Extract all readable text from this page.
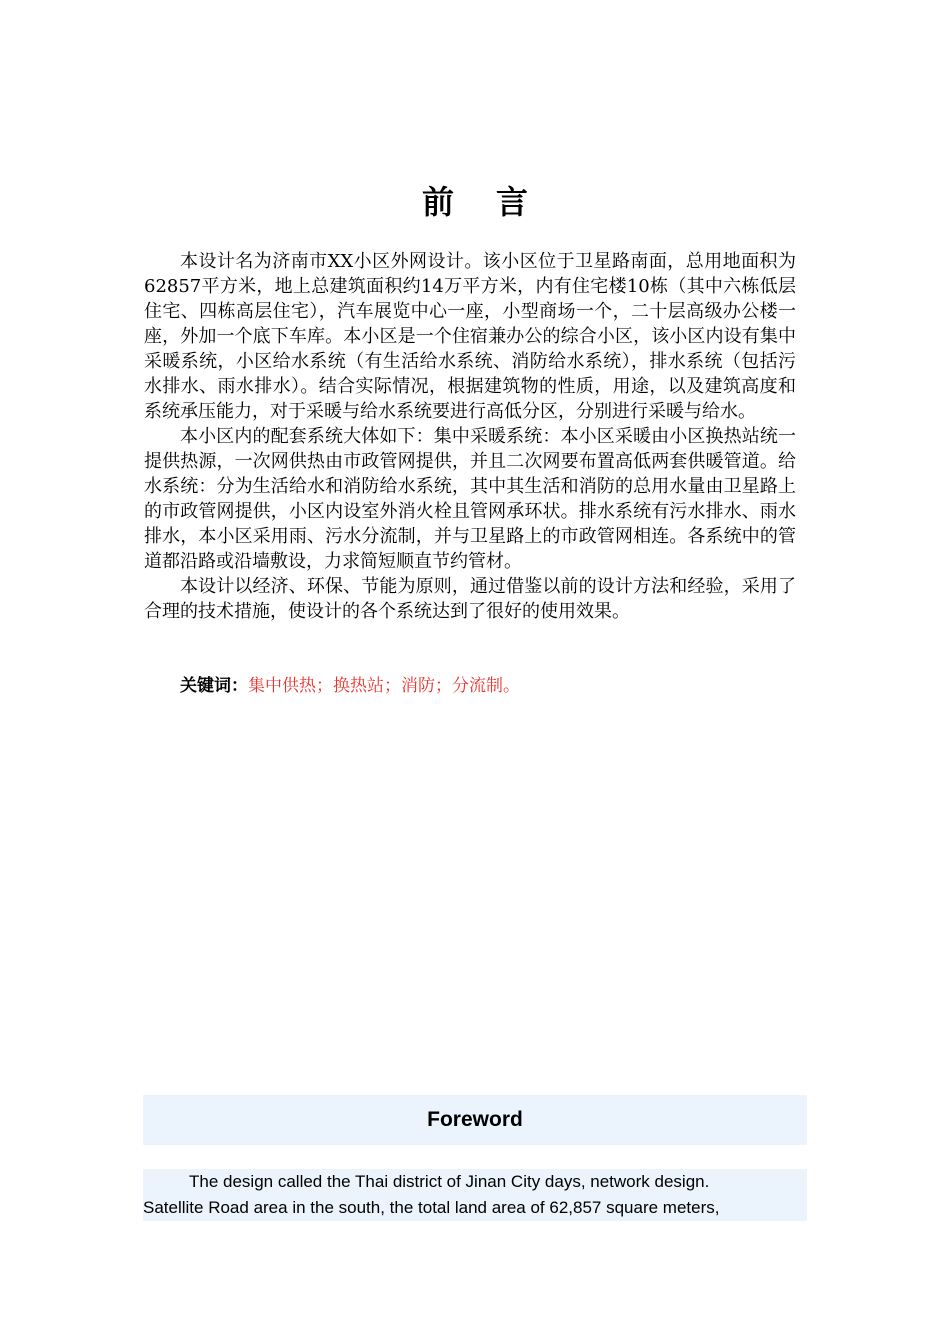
前言

本设计名为济南市XX小区外网设计。该小区位于卫星路南面，总用地面积为62857平方米，地上总建筑面积约14万平方米，内有住宅楼10栋（其中六栋低层住宅、四栋高层住宅），汽车展览中心一座，小型商场一个，二十层高级办公楼一座，外加一个底下车库。本小区是一个住宿兼办公的综合小区，该小区内设有集中采暖系统，小区给水系统（有生活给水系统、消防给水系统），排水系统（包括污水排水、雨水排水）。结合实际情况，根据建筑物的性质，用途，以及建筑高度和系统承压能力，对于采暖与给水系统要进行高低分区，分别进行采暖与给水。

本小区内的配套系统大体如下：集中采暖系统：本小区采暖由小区换热站统一提供热源，一次网供热由市政管网提供，并且二次网要布置高低两套供暖管道。给水系统：分为生活给水和消防给水系统，其中其生活和消防的总用水量由卫星路上的市政管网提供，小区内设室外消火栓且管网承环状。排水系统有污水排水、雨水排水，本小区采用雨、污水分流制，并与卫星路上的市政管网相连。各系统中的管道都沿路或沿墙敷设，力求简短顺直节约管材。

本设计以经济、环保、节能为原则，通过借鉴以前的设计方法和经验，采用了合理的技术措施，使设计的各个系统达到了很好的使用效果。

关键词：集中供热；换热站；消防；分流制。
Foreword
The design called the Thai district of Jinan City days, network design.
Satellite Road area in the south, the total land area of 62,857 square meters,
